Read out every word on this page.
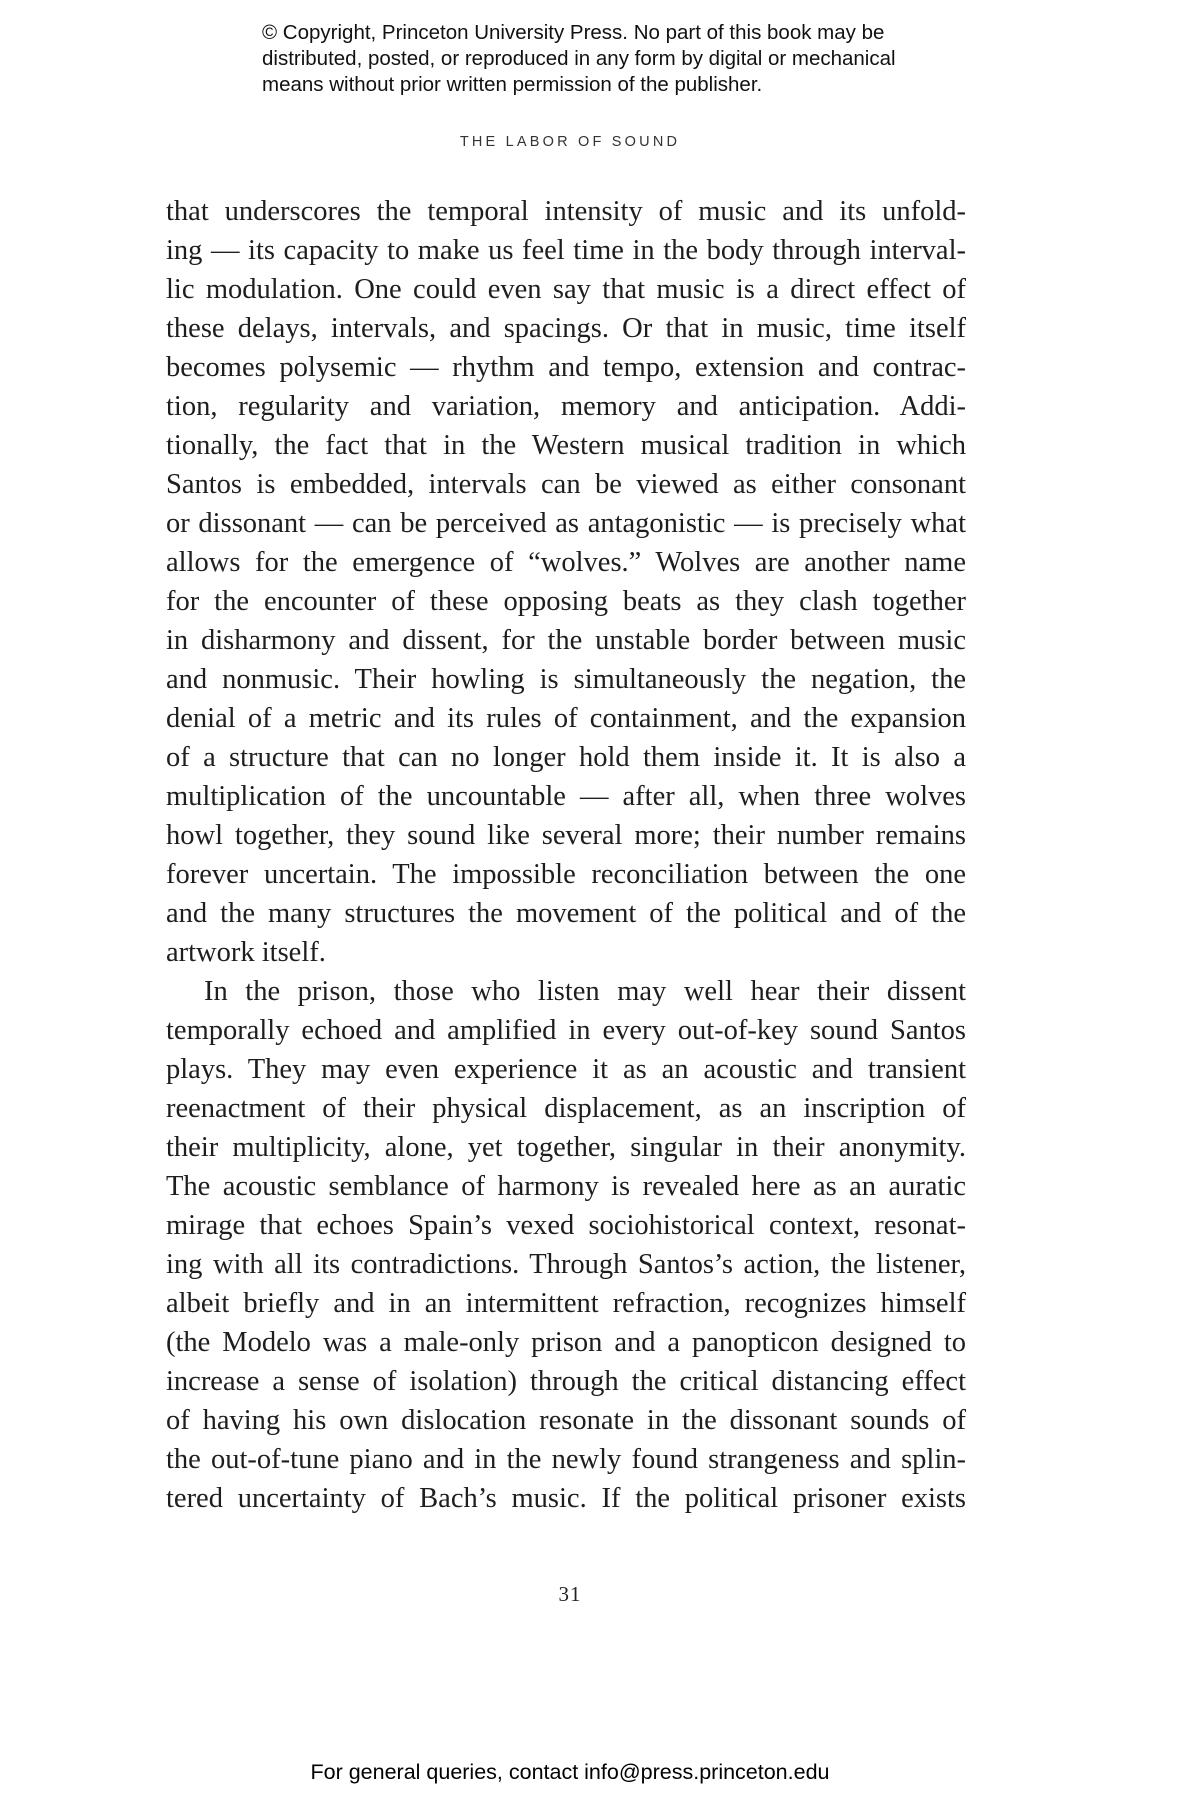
© Copyright, Princeton University Press. No part of this book may be
distributed, posted, or reproduced in any form by digital or mechanical
means without prior written permission of the publisher.
THE LABOR OF SOUND
that underscores the temporal intensity of music and its unfold-
ing — its capacity to make us feel time in the body through interval-
lic modulation. One could even say that music is a direct effect of
these delays, intervals, and spacings. Or that in music, time itself
becomes polysemic — rhythm and tempo, extension and contrac-
tion, regularity and variation, memory and anticipation. Addi-
tionally, the fact that in the Western musical tradition in which
Santos is embedded, intervals can be viewed as either consonant
or dissonant — can be perceived as antagonistic — is precisely what
allows for the emergence of “wolves.” Wolves are another name
for the encounter of these opposing beats as they clash together
in disharmony and dissent, for the unstable border between music
and nonmusic. Their howling is simultaneously the negation, the
denial of a metric and its rules of containment, and the expansion
of a structure that can no longer hold them inside it. It is also a
multiplication of the uncountable — after all, when three wolves
howl together, they sound like several more; their number remains
forever uncertain. The impossible reconciliation between the one
and the many structures the movement of the political and of the
artwork itself.
In the prison, those who listen may well hear their dissent
temporally echoed and amplified in every out-of-key sound Santos
plays. They may even experience it as an acoustic and transient
reenactment of their physical displacement, as an inscription of
their multiplicity, alone, yet together, singular in their anonymity.
The acoustic semblance of harmony is revealed here as an auratic
mirage that echoes Spain’s vexed sociohistorical context, resonat-
ing with all its contradictions. Through Santos’s action, the listener,
albeit briefly and in an intermittent refraction, recognizes himself
(the Modelo was a male-only prison and a panopticon designed to
increase a sense of isolation) through the critical distancing effect
of having his own dislocation resonate in the dissonant sounds of
the out-of-tune piano and in the newly found strangeness and splin-
tered uncertainty of Bach’s music. If the political prisoner exists
31
For general queries, contact info@press.princeton.edu
